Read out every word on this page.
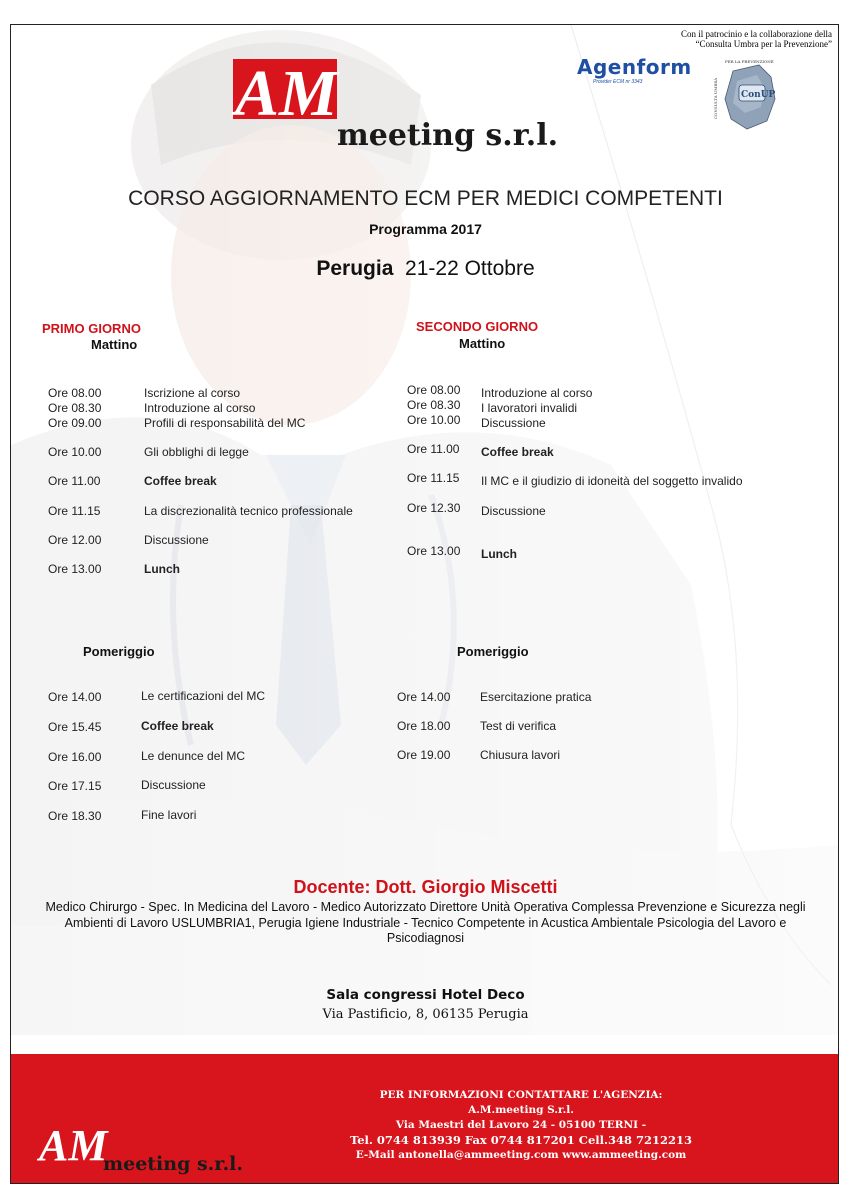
Con il patrocinio e la collaborazione della
“Consulta Umbra per la Prevenzione”
AM
meeting s.r.l.
Agenform
Provider ECM nr 3343
ConUP
PER LA PREVENZIONE
CONSULTA UMBRA
CORSO AGGIORNAMENTO ECM PER MEDICI COMPETENTI
Programma 2017
Perugia 21-22 Ottobre
PRIMO GIORNO
Mattino
SECONDO GIORNO
Mattino
Pomeriggio	Pomeriggio
Ore 08.00	Iscrizione al corso
Ore 08.30	Introduzione al corso
Ore 09.00	Profili di responsabilità del MC
Ore 10.00	Gli obblighi di legge
Ore 11.00	Coffee break
Ore 11.15	La discrezionalità tecnico professionale
Ore 12.00	Discussione
Ore 13.00	Lunch
Ore 08.00 Introduzione al corso
Ore 08.30 I lavoratori invalidi
Ore 10.00 Discussione
Ore 11.00 Coffee break
Ore 11.15 Il MC e il giudizio di idoneità del soggetto invalido
Ore 12.30 Discussione
Ore 13.00 Lunch
Ore 14.00	Le certificazioni del MC
Ore 15.45	Coffee break
Ore 16.00	Le denunce del MC
Ore 17.15	Discussione
Ore 18.30	Fine lavori
Ore 14.00 Esercitazione pratica
Ore 18.00 Test di verifica
Ore 19.00 Chiusura lavori
Docente: Dott. Giorgio Miscetti
Medico Chirurgo - Spec. In Medicina del Lavoro - Medico Autorizzato Direttore Unità Operativa Complessa Prevenzione e Sicurezza negli Ambienti di Lavoro USLUMBRIA1, Perugia Igiene Industriale - Tecnico Competente in Acustica Ambientale Psicologia del Lavoro e Psicodiagnosi
Sala congressi Hotel Deco
Via Pastificio, 8, 06135 Perugia
AM
meeting s.r.l.
PER INFORMAZIONI CONTATTARE L'AGENZIA:
A.M.meeting S.r.l.
Via Maestri del Lavoro 24 - 05100 TERNI -
Tel. 0744 813939 Fax 0744 817201 Cell.348 7212213
E-Mail antonella@ammeeting.com www.ammeeting.com
